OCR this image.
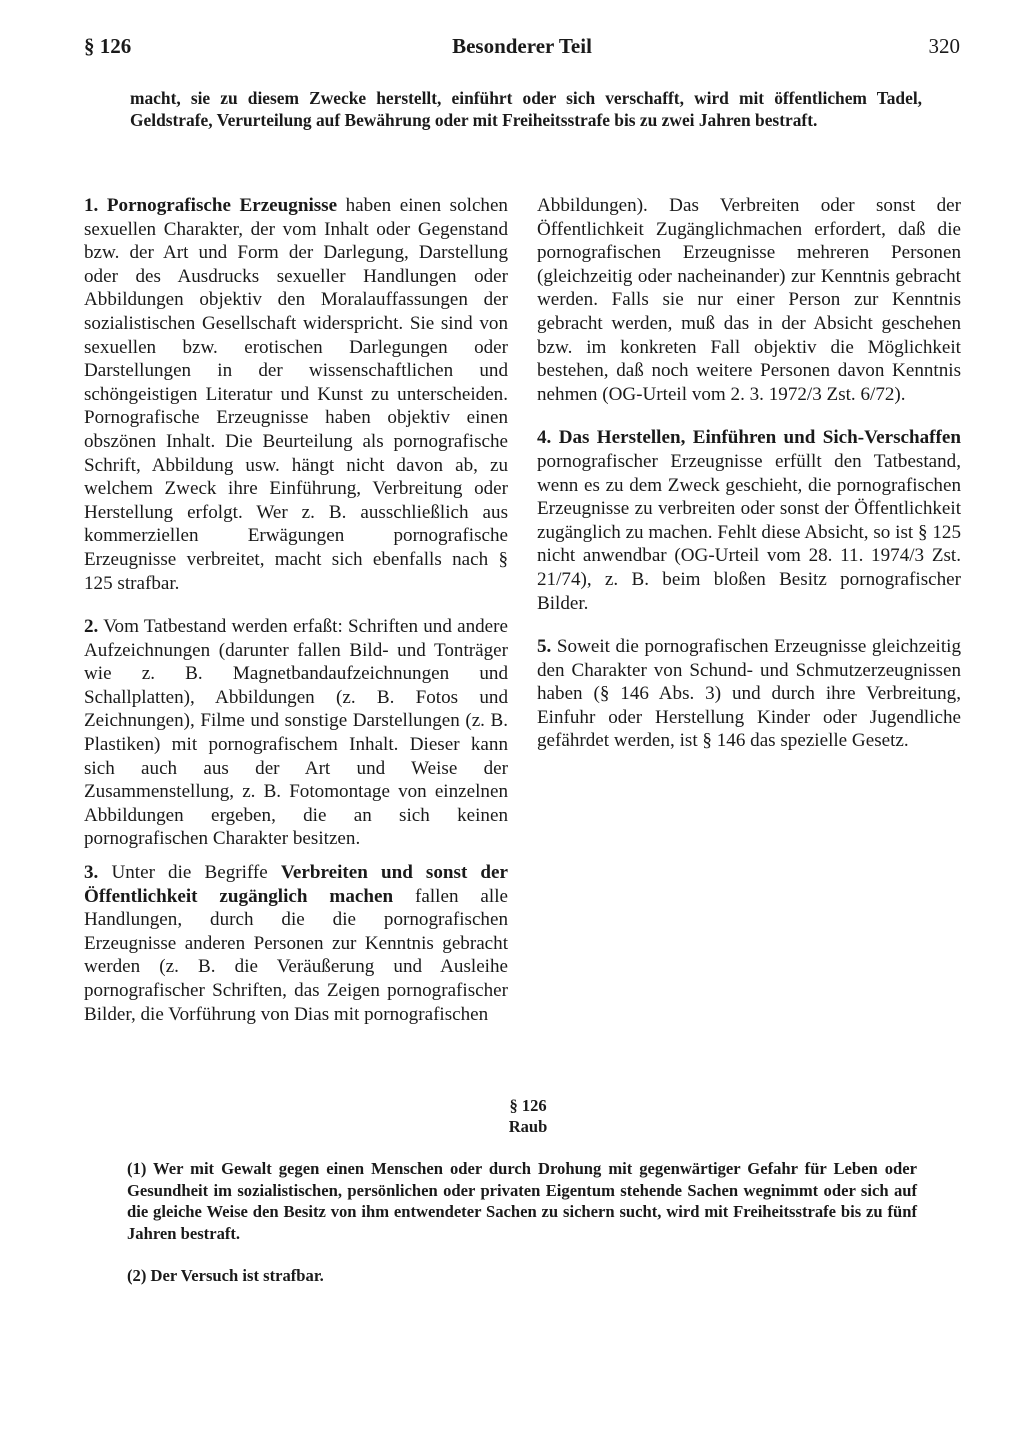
§ 126	Besonderer Teil	320
macht, sie zu diesem Zwecke herstellt, einführt oder sich verschafft, wird mit öffentlichem Tadel, Geldstrafe, Verurteilung auf Bewährung oder mit Freiheitsstrafe bis zu zwei Jahren bestraft.

1. Pornografische Erzeugnisse haben einen solchen sexuellen Charakter, der vom Inhalt oder Gegenstand bzw. der Art und Form der Darlegung, Darstellung oder des Ausdrucks sexueller Handlungen oder Abbildungen objektiv den Moralauffassungen der sozialistischen Gesellschaft widerspricht. Sie sind von sexuellen bzw. erotischen Darlegungen oder Darstellungen in der wissenschaftlichen und schöngeistigen Literatur und Kunst zu unterscheiden. Pornografische Erzeugnisse haben objektiv einen obszönen Inhalt. Die Beurteilung als pornografische Schrift, Abbildung usw. hängt nicht davon ab, zu welchem Zweck ihre Einführung, Verbreitung oder Herstellung erfolgt. Wer z. B. ausschließlich aus kommerziellen Erwägungen pornografische Erzeugnisse verbreitet, macht sich ebenfalls nach § 125 strafbar.

2. Vom Tatbestand werden erfaßt: Schriften und andere Aufzeichnungen (darunter fallen Bild- und Tonträger wie z. B. Magnetbandaufzeichnungen und Schallplatten), Abbildungen (z. B. Fotos und Zeichnungen), Filme und sonstige Darstellungen (z. B. Plastiken) mit pornografischem Inhalt. Dieser kann sich auch aus der Art und Weise der Zusammenstellung, z. B. Fotomontage von einzelnen Abbildungen ergeben, die an sich keinen pornografischen Charakter besitzen.

3. Unter die Begriffe Verbreiten und sonst der Öffentlichkeit zugänglich machen fallen alle Handlungen, durch die die pornografischen Erzeugnisse anderen Personen zur Kenntnis gebracht werden (z. B. die Veräußerung und Ausleihe pornografischer Schriften, das Zeigen pornografischer Bilder, die Vorführung von Dias mit pornografischen

Abbildungen). Das Verbreiten oder sonst der Öffentlichkeit Zugänglichmachen erfordert, daß die pornografischen Erzeugnisse mehreren Personen (gleichzeitig oder nacheinander) zur Kenntnis gebracht werden. Falls sie nur einer Person zur Kenntnis gebracht werden, muß das in der Absicht geschehen bzw. im konkreten Fall objektiv die Möglichkeit bestehen, daß noch weitere Personen davon Kenntnis nehmen (OG-Urteil vom 2. 3. 1972/3 Zst. 6/72).

4. Das Herstellen, Einführen und Sich-Verschaffen pornografischer Erzeugnisse erfüllt den Tatbestand, wenn es zu dem Zweck geschieht, die pornografischen Erzeugnisse zu verbreiten oder sonst der Öffentlichkeit zugänglich zu machen. Fehlt diese Absicht, so ist § 125 nicht anwendbar (OG-Urteil vom 28. 11. 1974/3 Zst. 21/74), z. B. beim bloßen Besitz pornografischer Bilder.

5. Soweit die pornografischen Erzeugnisse gleichzeitig den Charakter von Schund- und Schmutzerzeugnissen haben (§ 146 Abs. 3) und durch ihre Verbreitung, Einfuhr oder Herstellung Kinder oder Jugendliche gefährdet werden, ist § 146 das spezielle Gesetz.

§ 126
Raub

(1) Wer mit Gewalt gegen einen Menschen oder durch Drohung mit gegenwärtiger Gefahr für Leben oder Gesundheit im sozialistischen, persönlichen oder privaten Eigentum stehende Sachen wegnimmt oder sich auf die gleiche Weise den Besitz von ihm entwendeter Sachen zu sichern sucht, wird mit Freiheitsstrafe bis zu fünf Jahren bestraft.

(2) Der Versuch ist strafbar.
